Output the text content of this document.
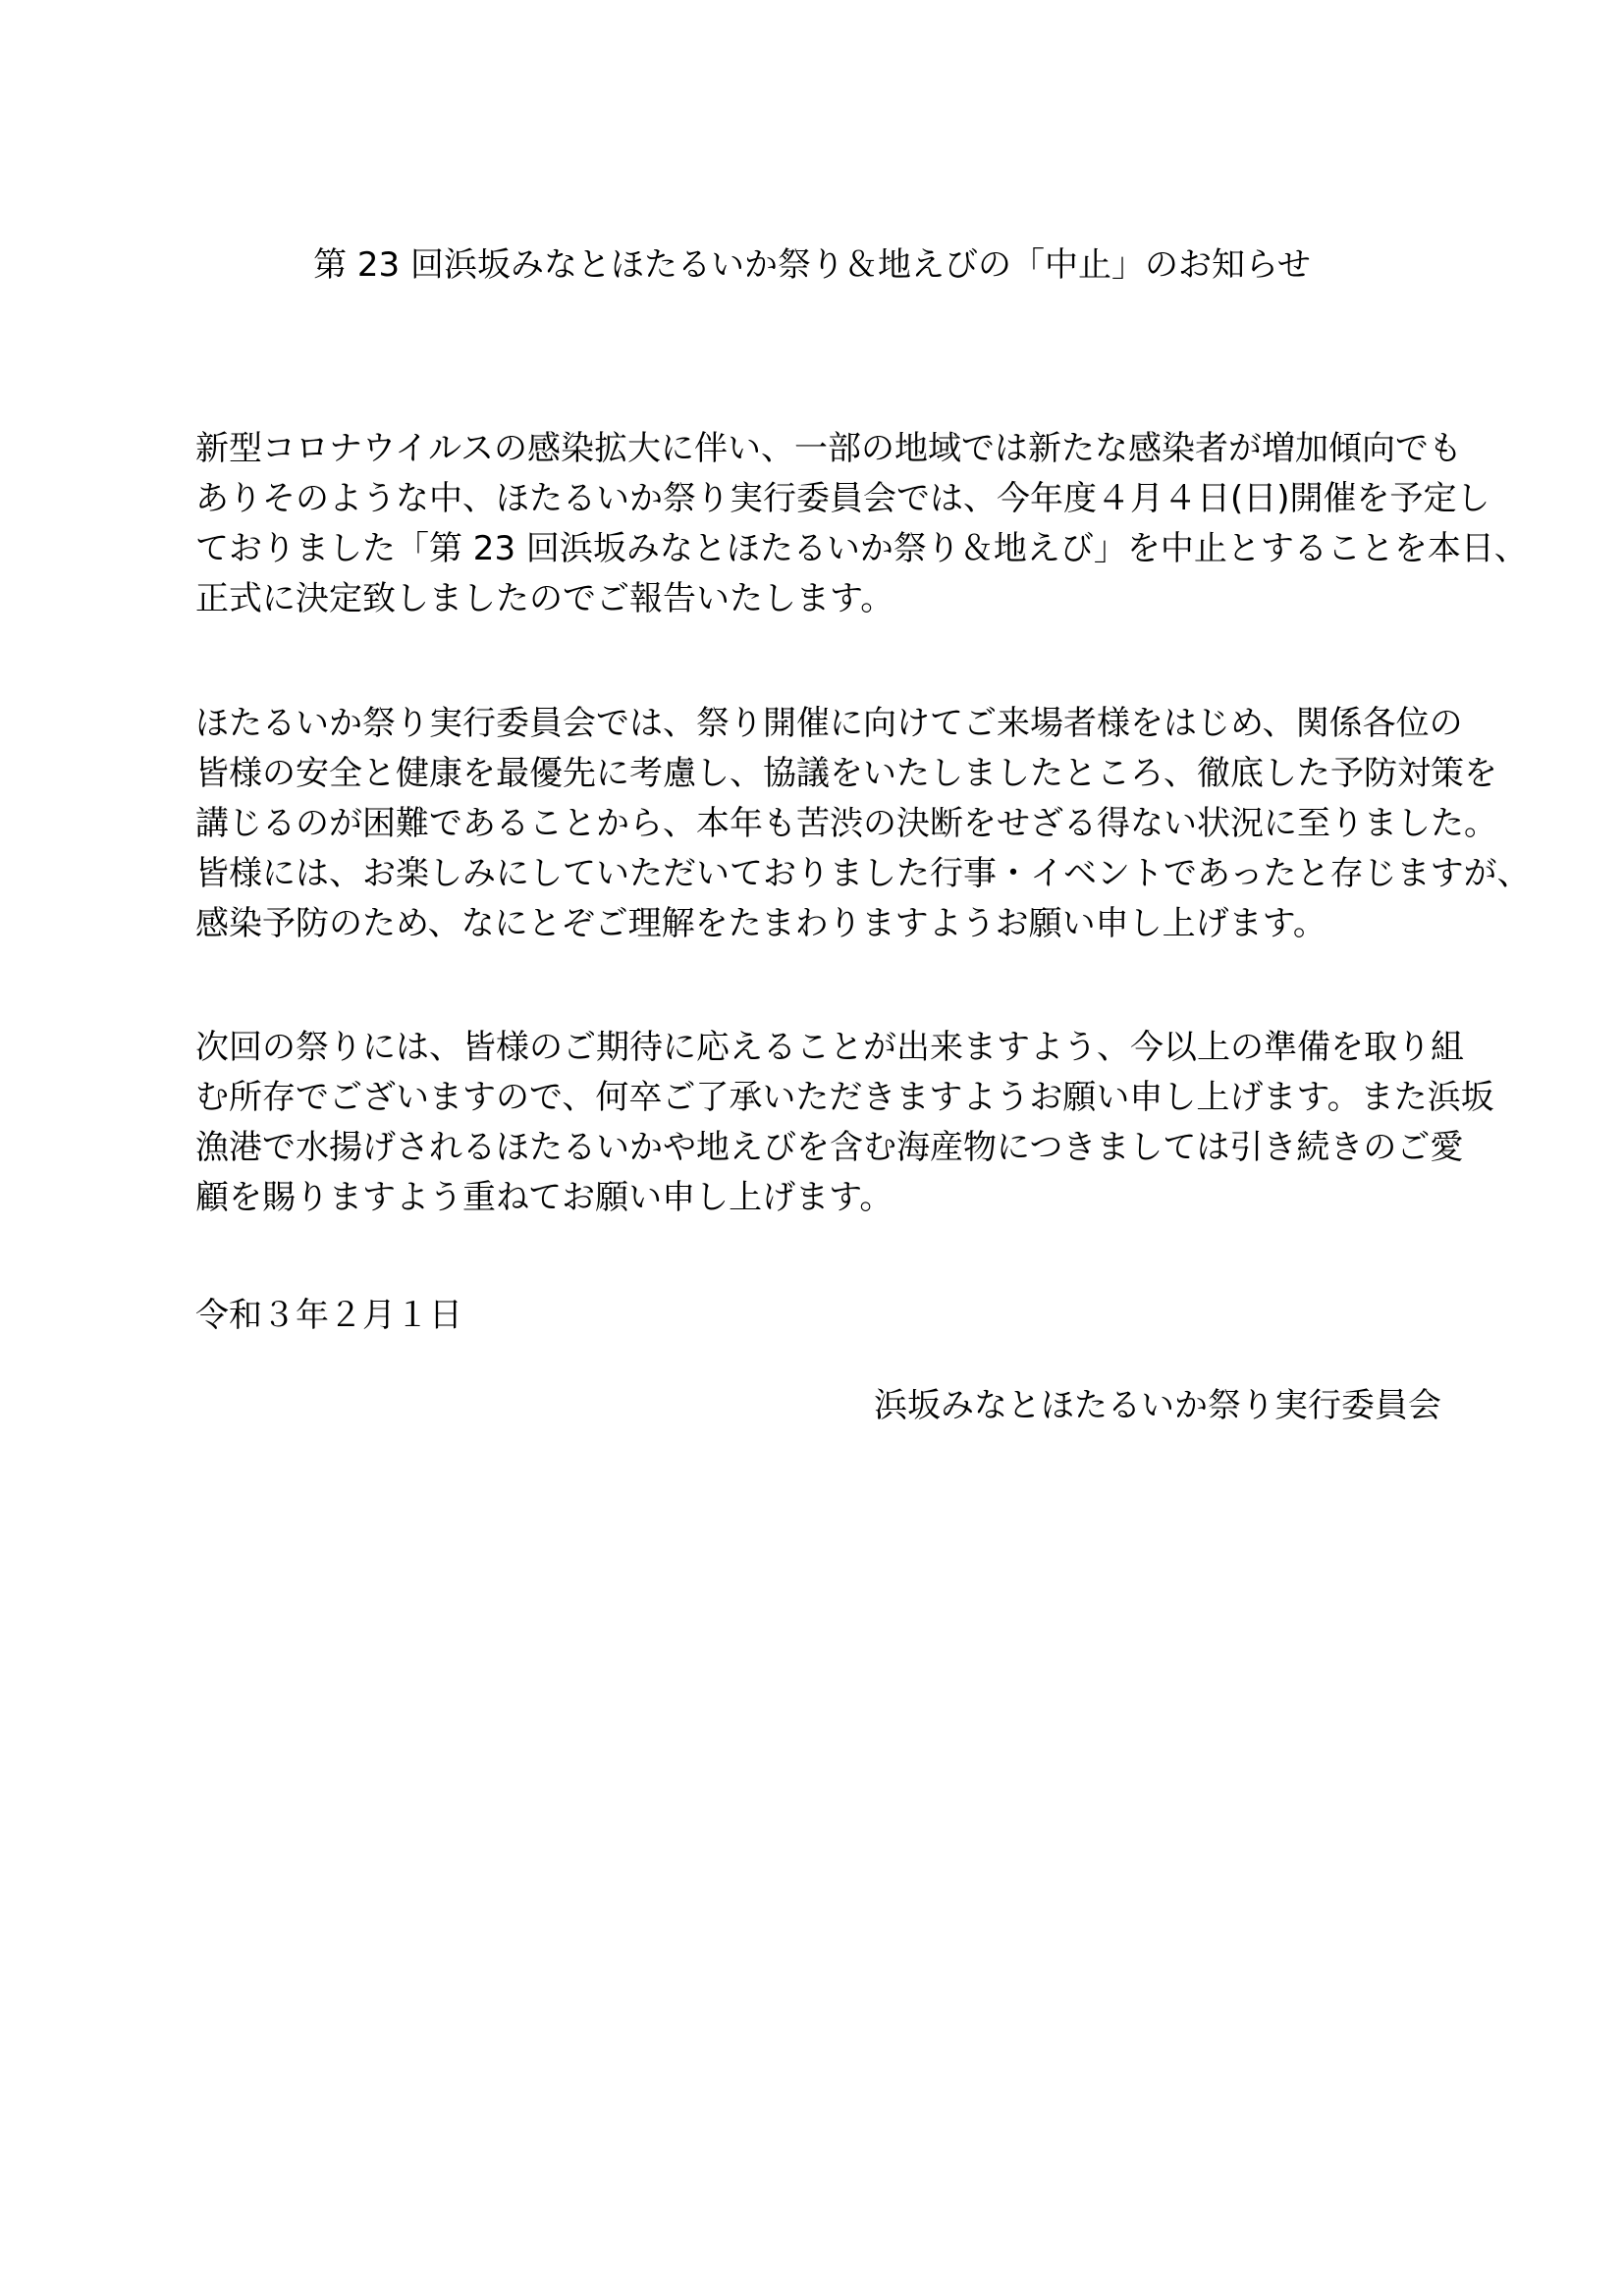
第 23 回浜坂みなとほたるいか祭り＆地えびの「中止」のお知らせ
新型コロナウイルスの感染拡大に伴い、一部の地域では新たな感染者が増加傾向でも
ありそのような中、ほたるいか祭り実行委員会では、今年度４月４日(日)開催を予定し
ておりました「第 23 回浜坂みなとほたるいか祭り＆地えび」を中止とすることを本日、
正式に決定致しましたのでご報告いたします。
ほたるいか祭り実行委員会では、祭り開催に向けてご来場者様をはじめ、関係各位の
皆様の安全と健康を最優先に考慮し、協議をいたしましたところ、徹底した予防対策を
講じるのが困難であることから、本年も苦渋の決断をせざる得ない状況に至りました。
皆様には、お楽しみにしていただいておりました行事・イベントであったと存じますが、
感染予防のため、なにとぞご理解をたまわりますようお願い申し上げます。
次回の祭りには、皆様のご期待に応えることが出来ますよう、今以上の準備を取り組
む所存でございますので、何卒ご了承いただきますようお願い申し上げます。また浜坂
漁港で水揚げされるほたるいかや地えびを含む海産物につきましては引き続きのご愛
顧を賜りますよう重ねてお願い申し上げます。
令和３年２月１日
浜坂みなとほたるいか祭り実行委員会
